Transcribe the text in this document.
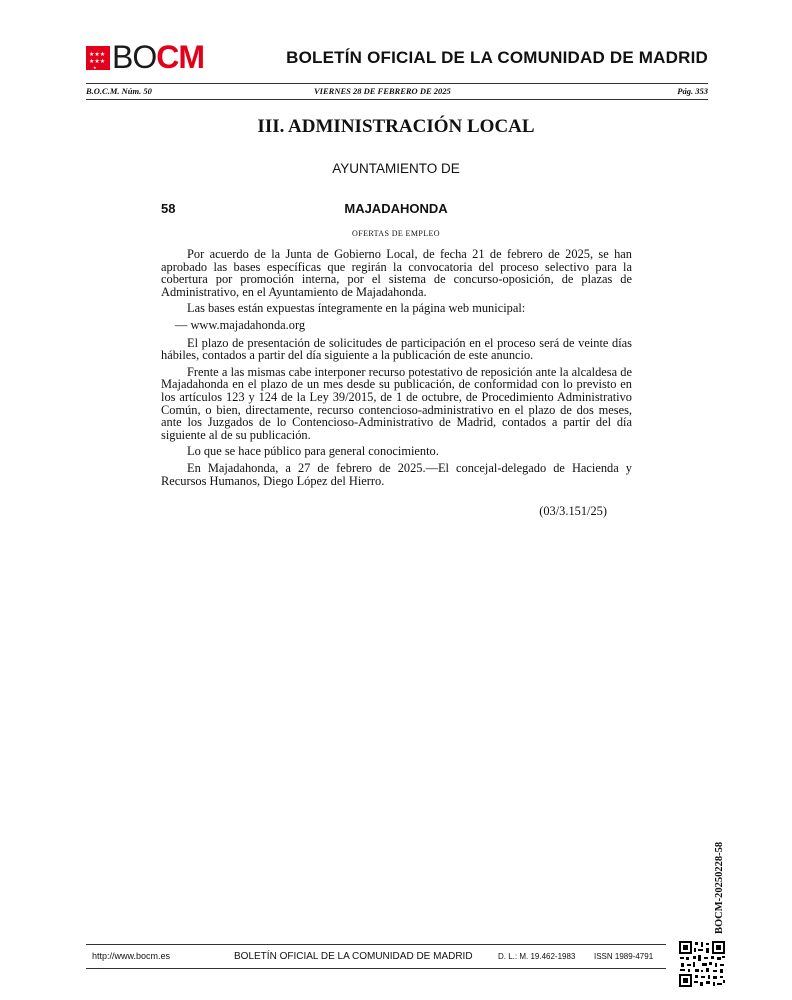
★★★
★★★
★ BOCM	BOLETÍN OFICIAL DE LA COMUNIDAD DE MADRID
B.O.C.M. Núm. 50	VIERNES 28 DE FEBRERO DE 2025	Pág. 353
III. ADMINISTRACIÓN LOCAL
AYUNTAMIENTO DE
58	MAJADAHONDA
OFERTAS DE EMPLEO

Por acuerdo de la Junta de Gobierno Local, de fecha 21 de febrero de 2025, se han aprobado las bases específicas que regirán la convocatoria del proceso selectivo para la cobertura por promoción interna, por el sistema de concurso-oposición, de plazas de Administrativo, en el Ayuntamiento de Majadahonda.

Las bases están expuestas íntegramente en la página web municipal:

— www.majadahonda.org

El plazo de presentación de solicitudes de participación en el proceso será de veinte días hábiles, contados a partir del día siguiente a la publicación de este anuncio.

Frente a las mismas cabe interponer recurso potestativo de reposición ante la alcaldesa de Majadahonda en el plazo de un mes desde su publicación, de conformidad con lo previsto en los artículos 123 y 124 de la Ley 39/2015, de 1 de octubre, de Procedimiento Administrativo Común, o bien, directamente, recurso contencioso-administrativo en el plazo de dos meses, ante los Juzgados de lo Contencioso-Administrativo de Madrid, contados a partir del día siguiente al de su publicación.

Lo que se hace público para general conocimiento.

En Majadahonda, a 27 de febrero de 2025.—El concejal-delegado de Hacienda y Recursos Humanos, Diego López del Hierro.

(03/3.151/25)
BOCM-20250228-58
http://www.bocm.es	BOLETÍN OFICIAL DE LA COMUNIDAD DE MADRID	D. L.: M. 19.462-1983 ISSN 1989-4791
